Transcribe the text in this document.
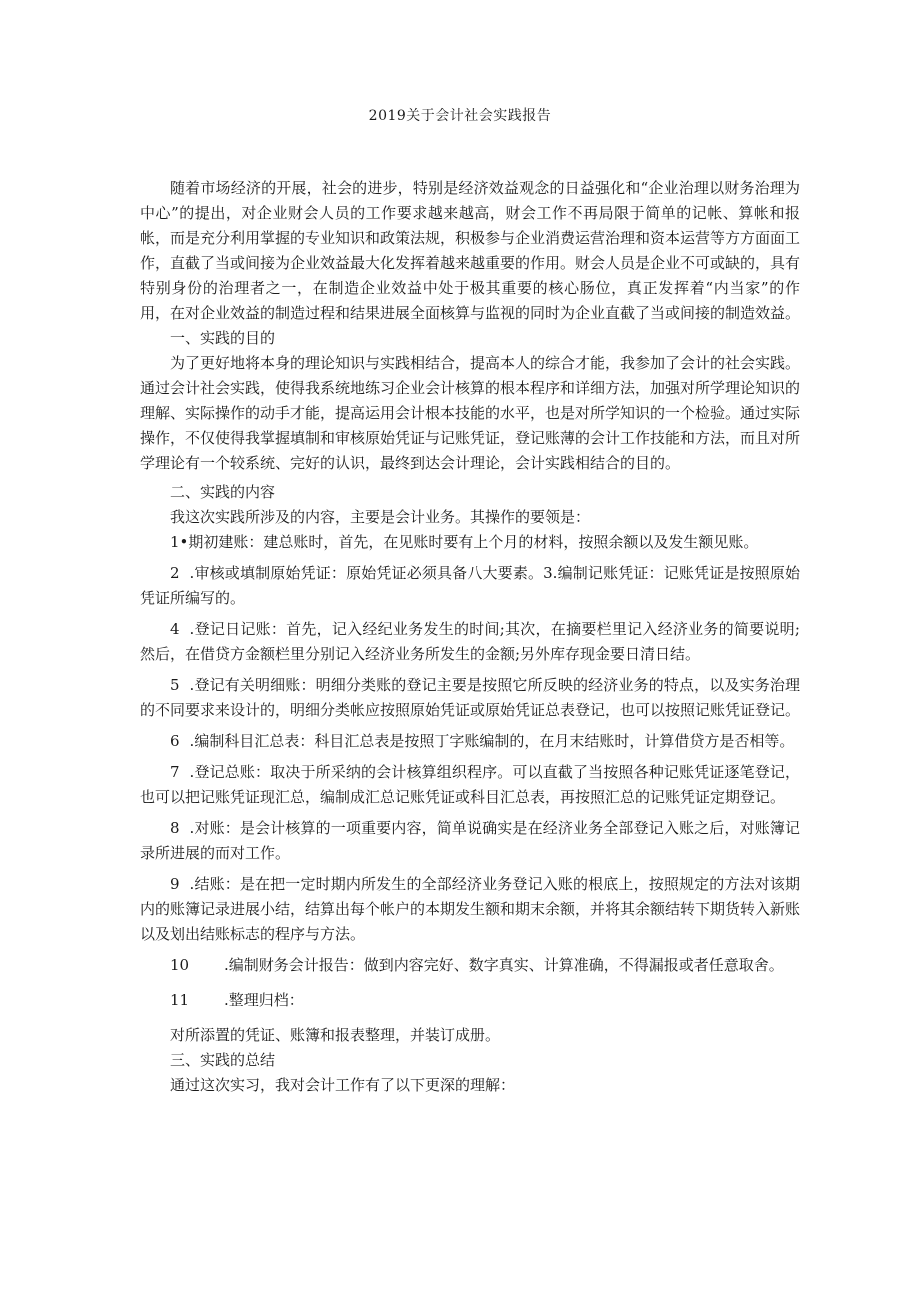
2019关于会计社会实践报告

随着市场经济的开展，社会的进步，特别是经济效益观念的日益强化和“企业治理以财务治理为中心”的提出，对企业财会人员的工作要求越来越高，财会工作不再局限于简单的记帐、算帐和报帐，而是充分利用掌握的专业知识和政策法规，积极参与企业消费运营治理和资本运营等方方面面工作，直截了当或间接为企业效益最大化发挥着越来越重要的作用。财会人员是企业不可或缺的，具有特别身份的治理者之一，在制造企业效益中处于极其重要的核心肠位，真正发挥着“内当家”的作用，在对企业效益的制造过程和结果进展全面核算与监视的同时为企业直截了当或间接的制造效益。

一、实践的目的

为了更好地将本身的理论知识与实践相结合，提高本人的综合才能，我参加了会计的社会实践。通过会计社会实践，使得我系统地练习企业会计核算的根本程序和详细方法，加强对所学理论知识的理解、实际操作的动手才能，提高运用会计根本技能的水平，也是对所学知识的一个检验。通过实际操作，不仅使得我掌握填制和审核原始凭证与记账凭证，登记账薄的会计工作技能和方法，而且对所学理论有一个较系统、完好的认识，最终到达会计理论，会计实践相结合的目的。

二、实践的内容

我这次实践所涉及的内容，主要是会计业务。其操作的要领是：

1•期初建账：建总账时，首先，在见账时要有上个月的材料，按照余额以及发生额见账。

2 .审核或填制原始凭证：原始凭证必须具备八大要素。3.编制记账凭证：记账凭证是按照原始凭证所编写的。

4 .登记日记账：首先，记入经纪业务发生的时间;其次，在摘要栏里记入经济业务的简要说明;然后，在借贷方金额栏里分别记入经济业务所发生的金额;另外库存现金要日清日结。

5 .登记有关明细账：明细分类账的登记主要是按照它所反映的经济业务的特点，以及实务治理的不同要求来设计的，明细分类帐应按照原始凭证或原始凭证总表登记，也可以按照记账凭证登记。

6 .编制科目汇总表：科目汇总表是按照丁字账编制的，在月末结账时，计算借贷方是否相等。

7 .登记总账：取决于所采纳的会计核算组织程序。可以直截了当按照各种记账凭证逐笔登记，也可以把记账凭证现汇总，编制成汇总记账凭证或科目汇总表，再按照汇总的记账凭证定期登记。

8 .对账：是会计核算的一项重要内容，简单说确实是在经济业务全部登记入账之后，对账簿记录所进展的而对工作。

9 .结账：是在把一定时期内所发生的全部经济业务登记入账的根底上，按照规定的方法对该期内的账簿记录进展小结，结算出每个帐户的本期发生额和期末余额，并将其余额结转下期货转入新账以及划出结账标志的程序与方法。

10 .编制财务会计报告：做到内容完好、数字真实、计算准确，不得漏报或者任意取舍。

11 .整理归档：

对所添置的凭证、账簿和报表整理，并装订成册。

三、实践的总结

通过这次实习，我对会计工作有了以下更深的理解：
